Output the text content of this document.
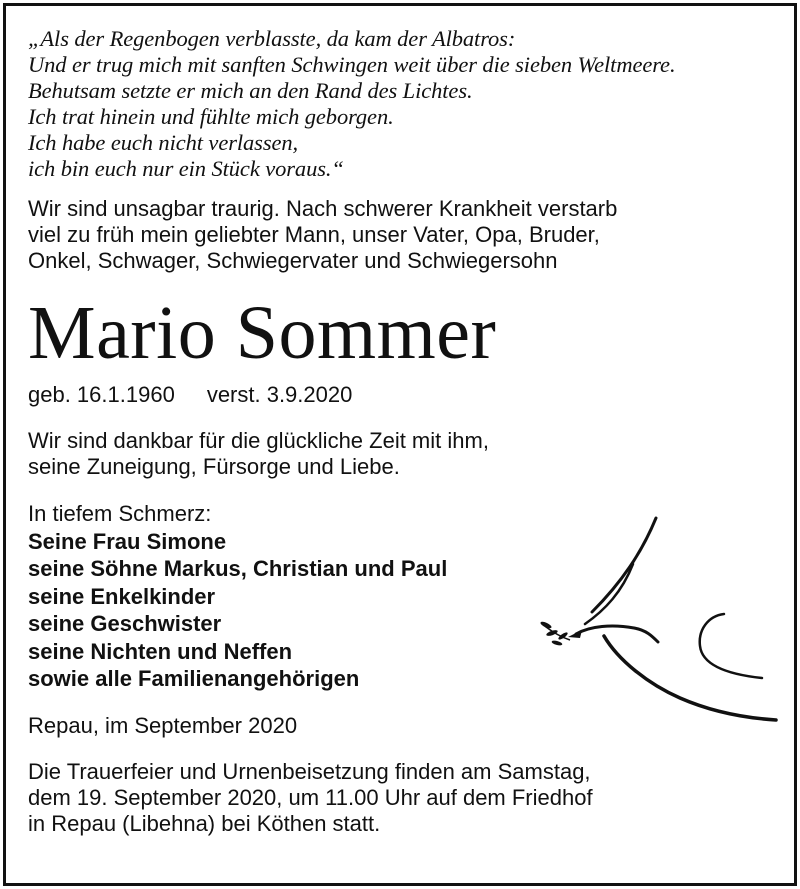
„Als der Regenbogen verblasste, da kam der Albatros:
Und er trug mich mit sanften Schwingen weit über die sieben Weltmeere.
Behutsam setzte er mich an den Rand des Lichtes.
Ich trat hinein und fühlte mich geborgen.
Ich habe euch nicht verlassen,
ich bin euch nur ein Stück voraus.“
Wir sind unsagbar traurig. Nach schwerer Krankheit verstarb
viel zu früh mein geliebter Mann, unser Vater, Opa, Bruder,
Onkel, Schwager, Schwiegervater und Schwiegersohn
Mario Sommer
geb. 16.1.1960 verst. 3.9.2020
Wir sind dankbar für die glückliche Zeit mit ihm,
seine Zuneigung, Fürsorge und Liebe.
In tiefem Schmerz:
Seine Frau Simone
seine Söhne Markus, Christian und Paul
seine Enkelkinder
seine Geschwister
seine Nichten und Neffen
sowie alle Familienangehörigen
Repau, im September 2020
Die Trauerfeier und Urnenbeisetzung finden am Samstag,
dem 19. September 2020, um 11.00 Uhr auf dem Friedhof
in Repau (Libehna) bei Köthen statt.
